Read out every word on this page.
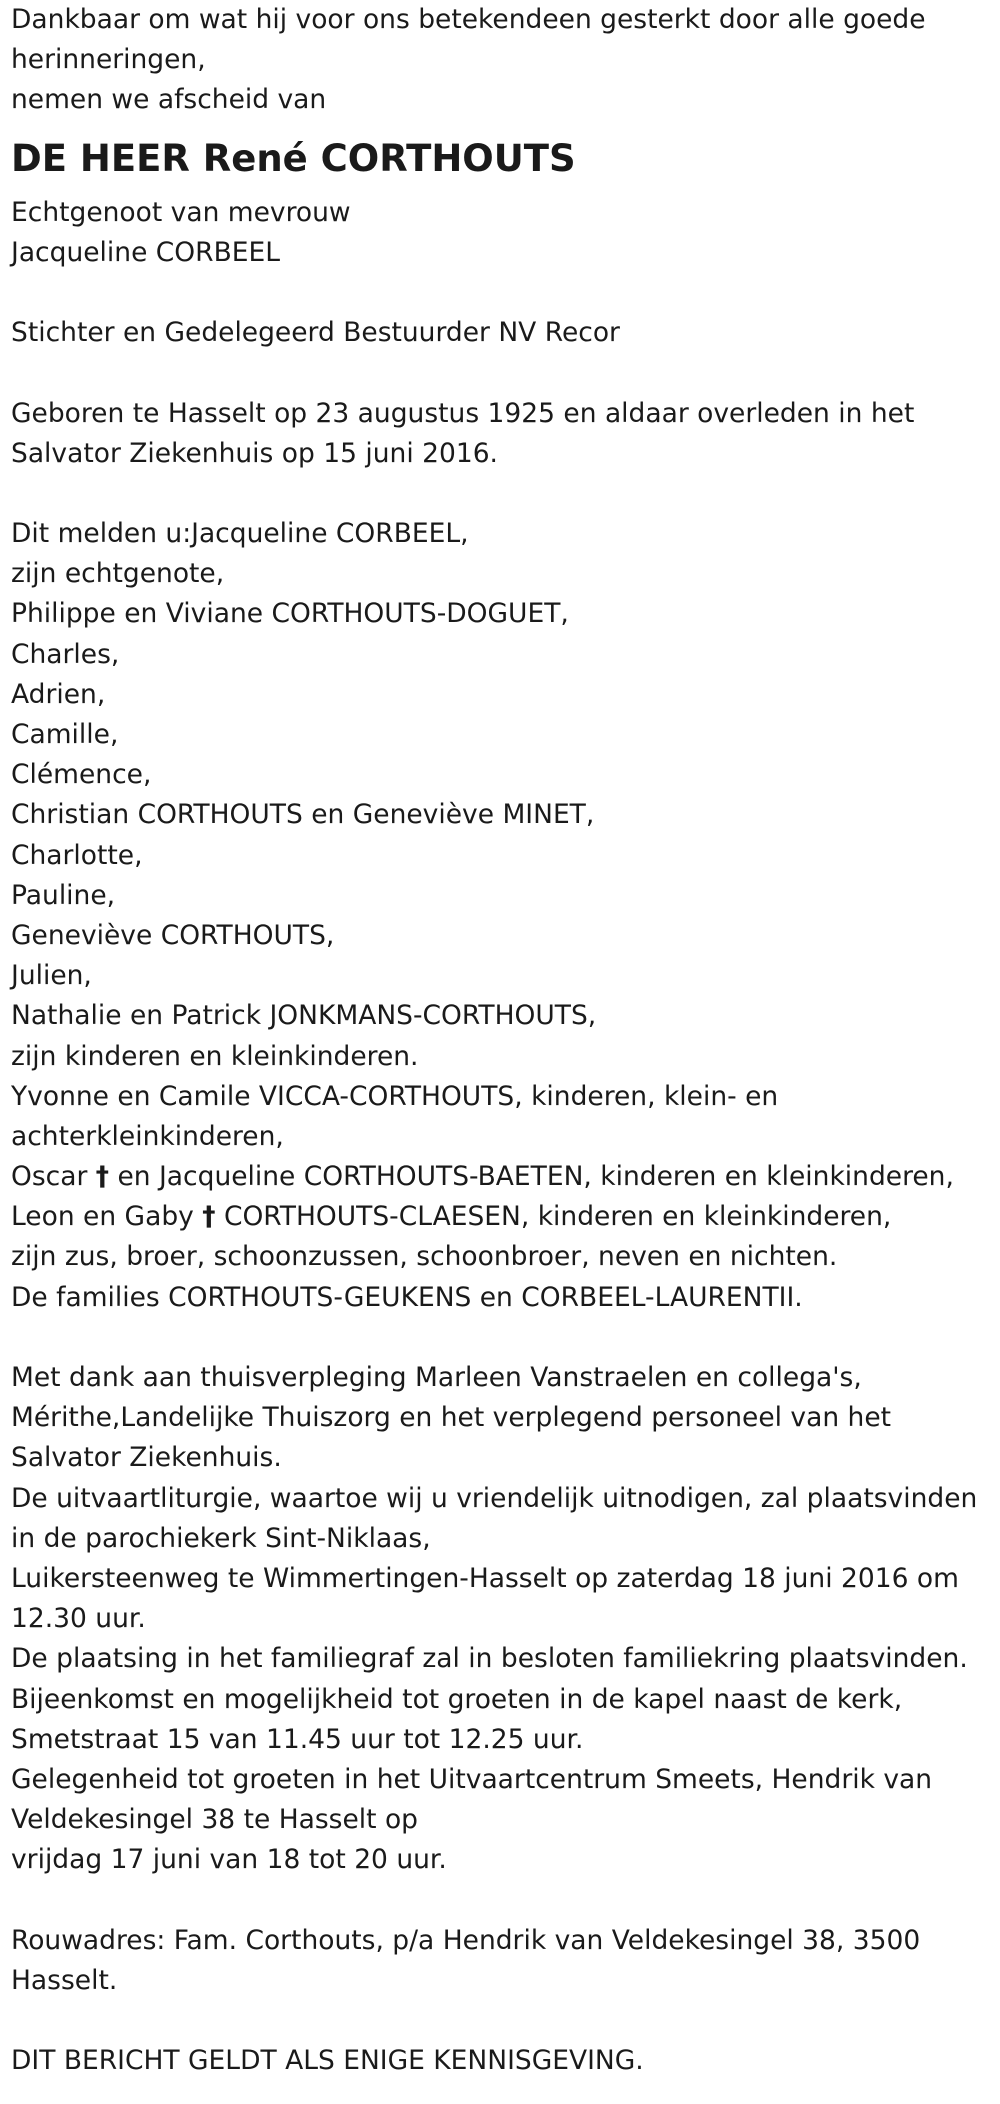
Dankbaar om wat hij voor ons betekendeen gesterkt door alle goede
herinneringen,
nemen we afscheid van
DE HEER René CORTHOUTS
Echtgenoot van mevrouw
Jacqueline CORBEEL
Stichter en Gedelegeerd Bestuurder NV Recor
Geboren te Hasselt op 23 augustus 1925 en aldaar overleden in het
Salvator Ziekenhuis op 15 juni 2016.
Dit melden u:Jacqueline CORBEEL,
zijn echtgenote,
Philippe en Viviane CORTHOUTS-DOGUET,
Charles,
Adrien,
Camille,
Clémence,
Christian CORTHOUTS en Geneviève MINET,
Charlotte,
Pauline,
Geneviève CORTHOUTS,
Julien,
Nathalie en Patrick JONKMANS-CORTHOUTS,
zijn kinderen en kleinkinderen.
Yvonne en Camile VICCA-CORTHOUTS, kinderen, klein- en
achterkleinkinderen,
Oscar † en Jacqueline CORTHOUTS-BAETEN, kinderen en kleinkinderen,
Leon en Gaby † CORTHOUTS-CLAESEN, kinderen en kleinkinderen,
zijn zus, broer, schoonzussen, schoonbroer, neven en nichten.
De families CORTHOUTS-GEUKENS en CORBEEL-LAURENTII.
Met dank aan thuisverpleging Marleen Vanstraelen en collega's,
Mérithe,Landelijke Thuiszorg en het verplegend personeel van het
Salvator Ziekenhuis.
De uitvaartliturgie, waartoe wij u vriendelijk uitnodigen, zal plaatsvinden
in de parochiekerk Sint-Niklaas,
Luikersteenweg te Wimmertingen-Hasselt op zaterdag 18 juni 2016 om
12.30 uur.
De plaatsing in het familiegraf zal in besloten familiekring plaatsvinden.
Bijeenkomst en mogelijkheid tot groeten in de kapel naast de kerk,
Smetstraat 15 van 11.45 uur tot 12.25 uur.
Gelegenheid tot groeten in het Uitvaartcentrum Smeets, Hendrik van
Veldekesingel 38 te Hasselt op
vrijdag 17 juni van 18 tot 20 uur.
Rouwadres: Fam. Corthouts, p/a Hendrik van Veldekesingel 38, 3500
Hasselt.
DIT BERICHT GELDT ALS ENIGE KENNISGEVING.
